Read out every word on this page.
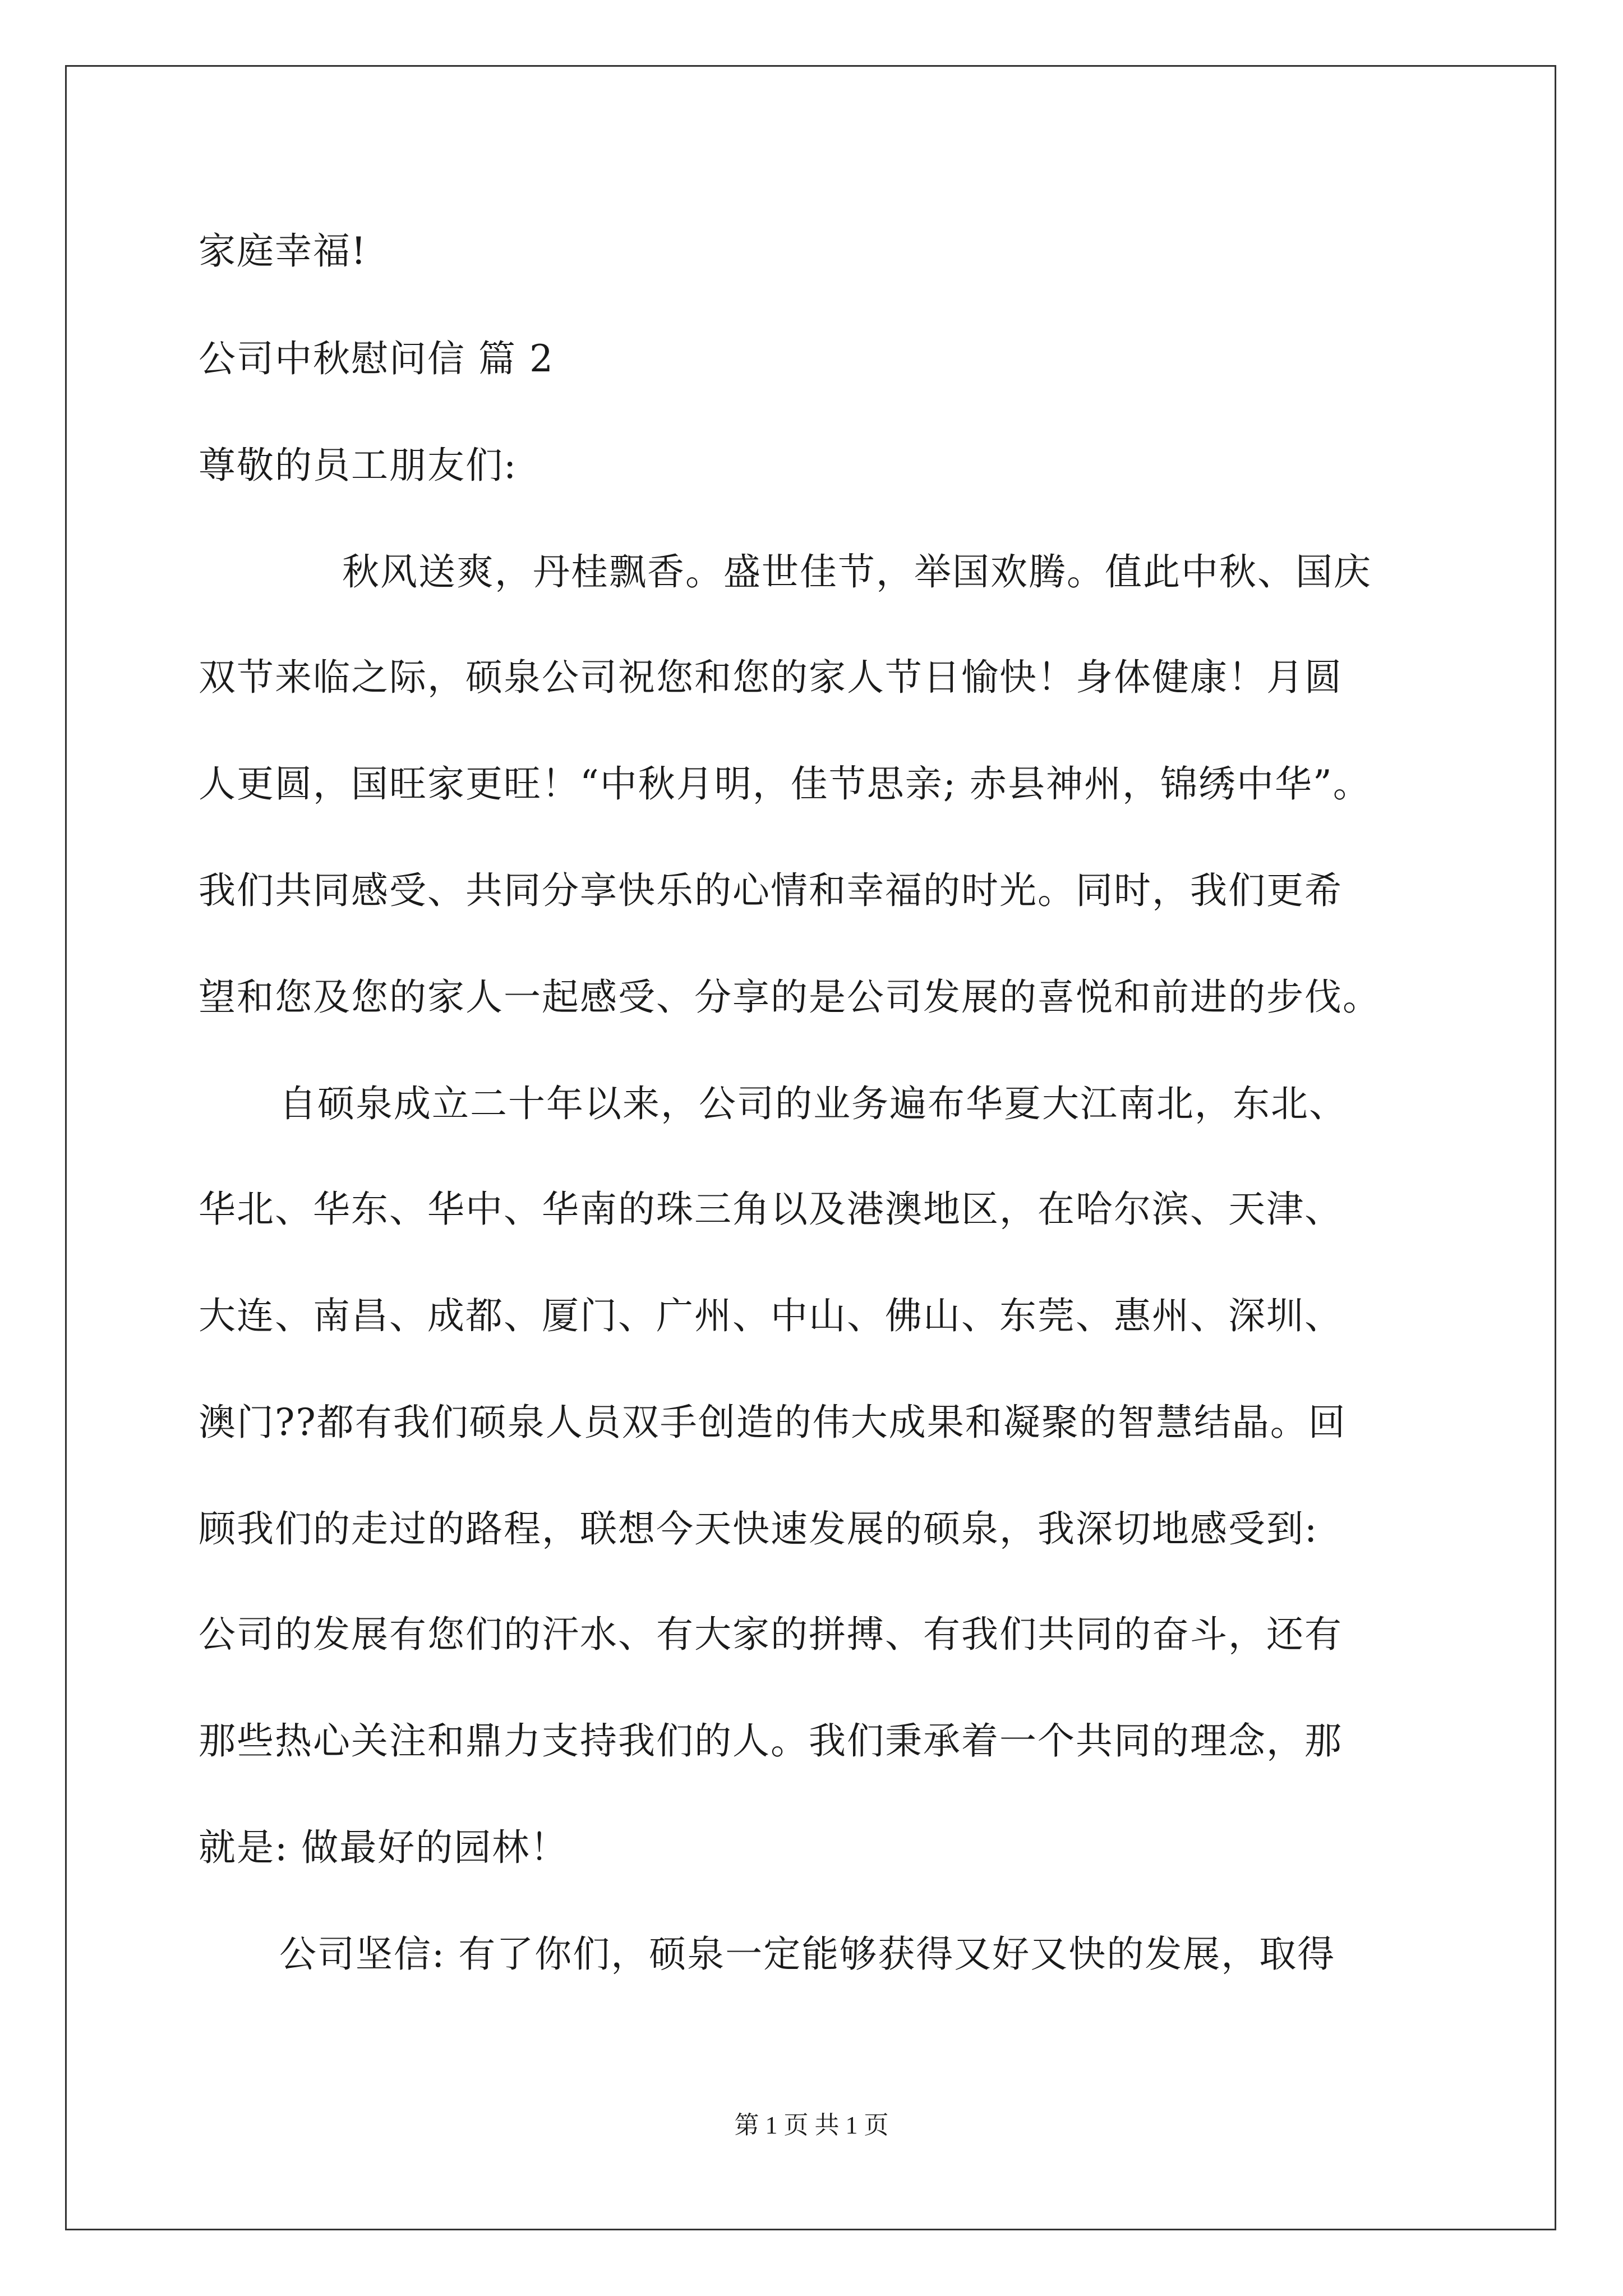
家庭幸福!
公司中秋慰问信 篇 2
尊敬的员工朋友们:
秋风送爽，丹桂飘香。盛世佳节，举国欢腾。值此中秋、国庆
双节来临之际，硕泉公司祝您和您的家人节日愉快！身体健康！月圆
人更圆，国旺家更旺！“中秋月明，佳节思亲; 赤县神州，锦绣中华”。
我们共同感受、共同分享快乐的心情和幸福的时光。同时，我们更希
望和您及您的家人一起感受、分享的是公司发展的喜悦和前进的步伐。
自硕泉成立二十年以来，公司的业务遍布华夏大江南北，东北、
华北、华东、华中、华南的珠三角以及港澳地区，在哈尔滨、天津、
大连、南昌、成都、厦门、广州、中山、佛山、东莞、惠州、深圳、
澳门??都有我们硕泉人员双手创造的伟大成果和凝聚的智慧结晶。回
顾我们的走过的路程，联想今天快速发展的硕泉，我深切地感受到:
公司的发展有您们的汗水、有大家的拼搏、有我们共同的奋斗，还有
那些热心关注和鼎力支持我们的人。我们秉承着一个共同的理念，那
就是: 做最好的园林！
公司坚信: 有了你们，硕泉一定能够获得又好又快的发展，取得
第 1 页 共 1 页
